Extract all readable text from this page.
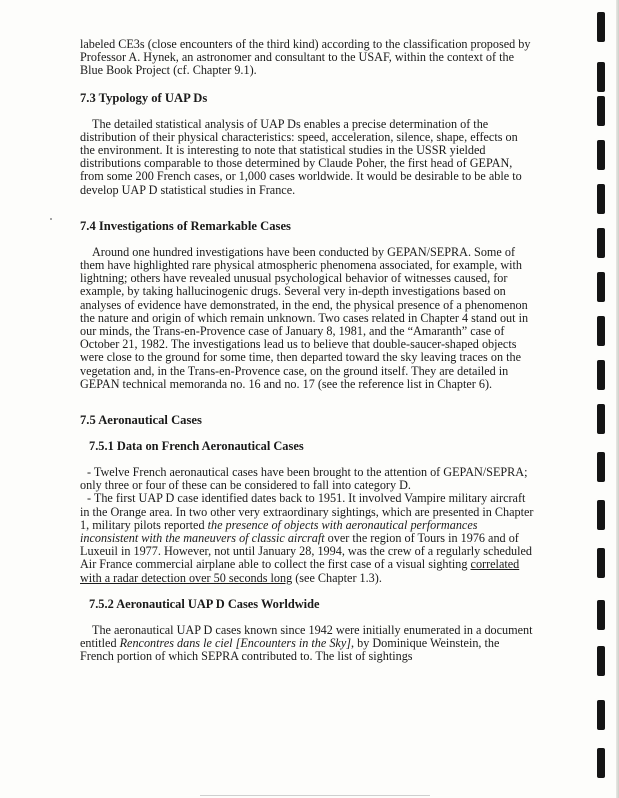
labeled CE3s (close encounters of the third kind) according to the classification proposed by Professor A. Hynek, an astronomer and consultant to the USAF, within the context of the Blue Book Project (cf. Chapter 9.1).

7.3 Typology of UAP Ds

The detailed statistical analysis of UAP Ds enables a precise determination of the distribution of their physical characteristics: speed, acceleration, silence, shape, effects on the environment. It is interesting to note that statistical studies in the USSR yielded distributions comparable to those determined by Claude Poher, the first head of GEPAN, from some 200 French cases, or 1,000 cases worldwide. It would be desirable to be able to develop UAP D statistical studies in France.

7.4 Investigations of Remarkable Cases

Around one hundred investigations have been conducted by GEPAN/SEPRA. Some of them have highlighted rare physical atmospheric phenomena associated, for example, with lightning; others have revealed unusual psychological behavior of witnesses caused, for example, by taking hallucinogenic drugs. Several very in-depth investigations based on analyses of evidence have demonstrated, in the end, the physical presence of a phenomenon the nature and origin of which remain unknown. Two cases related in Chapter 4 stand out in our minds, the Trans-en-Provence case of January 8, 1981, and the “Amaranth” case of October 21, 1982. The investigations lead us to believe that double-saucer-shaped objects were close to the ground for some time, then departed toward the sky leaving traces on the vegetation and, in the Trans-en-Provence case, on the ground itself. They are detailed in GEPAN technical memoranda no. 16 and no. 17 (see the reference list in Chapter 6).

7.5 Aeronautical Cases
7.5.1 Data on French Aeronautical Cases

- Twelve French aeronautical cases have been brought to the attention of GEPAN/SEPRA; only three or four of these can be considered to fall into category D.

- The first UAP D case identified dates back to 1951. It involved Vampire military aircraft in the Orange area. In two other very extraordinary sightings, which are presented in Chapter 1, military pilots reported the presence of objects with aeronautical performances inconsistent with the maneuvers of classic aircraft over the region of Tours in 1976 and of Luxeuil in 1977. However, not until January 28, 1994, was the crew of a regularly scheduled Air France commercial airplane able to collect the first case of a visual sighting correlated with a radar detection over 50 seconds long (see Chapter 1.3).

7.5.2 Aeronautical UAP D Cases Worldwide

The aeronautical UAP D cases known since 1942 were initially enumerated in a document entitled Rencontres dans le ciel [Encounters in the Sky], by Dominique Weinstein, the French portion of which SEPRA contributed to. The list of sightings
